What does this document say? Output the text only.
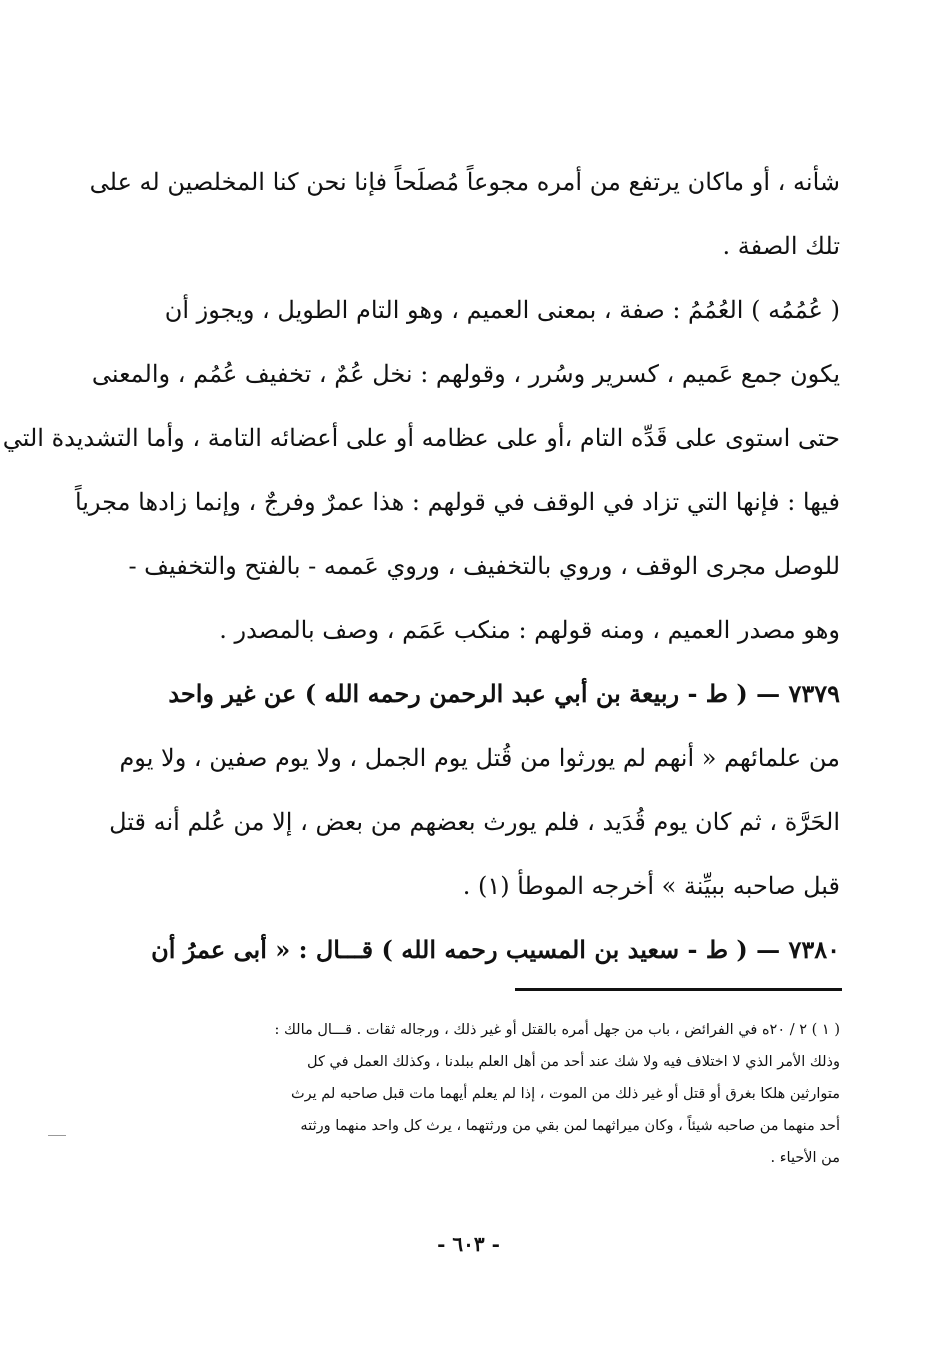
شأنه ، أو ماكان يرتفع من أمره مجوعاً مُصلَحاً فإنا نحن كنا المخلصين له على
تلك الصفة .
( عُمُمُه ) العُمُمُ : صفة ، بمعنى العميم ، وهو التام الطويل ، ويجوز أن
يكون جمع عَميم ، كسرير وسُرر ، وقولهم : نخل عُمٌ ، تخفيف عُمُم ، والمعنى
حتى استوى على قَدِّه التام ،أو على عظامه أو على أعضائه التامة ، وأما التشديدة التي
فيها : فإنها التي تزاد في الوقف في قولهم : هذا عمرٌ وفرجٌ ، وإنما زادها مجرياً
للوصل مجرى الوقف ، وروي بالتخفيف ، وروي عَممه - بالفتح والتخفيف -
وهو مصدر العميم ، ومنه قولهم : منكب عَمَم ، وصف بالمصدر .
٧٣٧٩ — ( ط - ربيعة بن أبي عبد الرحمن رحمه الله ) عن غير واحد
من علمائهم « أنهم لم يورثوا من قُتل يوم الجمل ، ولا يوم صفين ، ولا يوم
الحَرَّة ، ثم كان يوم قُدَيد ، فلم يورث بعضهم من بعض ، إلا من عُلم أنه قتل
قبل صاحبه ببيِّنة » أخرجه الموطأ (١) .
٧٣٨٠ — ( ط - سعيد بن المسيب رحمه الله ) قـــال : « أبى عمرُ أن
( ١ ) ٢ / ٢٠ه في الفرائض ، باب من جهل أمره بالقتل أو غير ذلك ، ورجاله ثقات . قـــال مالك :
وذلك الأمر الذي لا اختلاف فيه ولا شك عند أحد من أهل العلم ببلدنا ، وكذلك العمل في كل
متوارثين هلكا بغرق أو قتل أو غير ذلك من الموت ، إذا لم يعلم أيهما مات قبل صاحبه لم يرث
أحد منهما من صاحبه شيئاً ، وكان ميراثهما لمن بقي من ورثتهما ، يرث كل واحد منهما ورثته
من الأحياء .
- ٦٠٣ -
